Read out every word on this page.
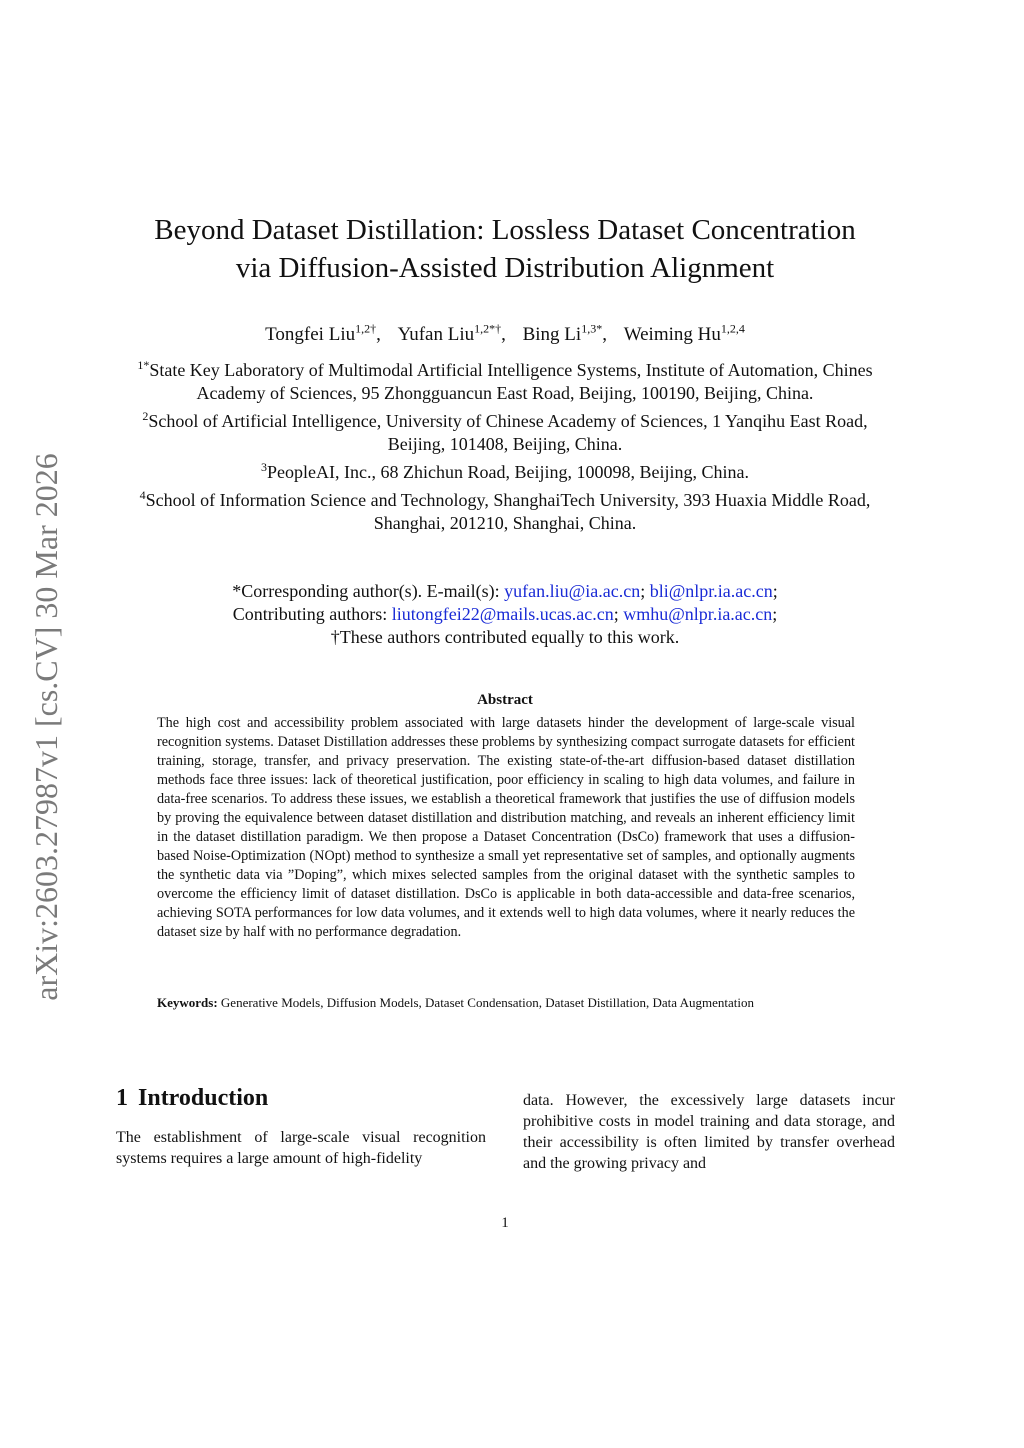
arXiv:2603.27987v1 [cs.CV] 30 Mar 2026
Beyond Dataset Distillation: Lossless Dataset Concentration
via Diffusion-Assisted Distribution Alignment
Tongfei Liu$^{1,2\dagger}$, Yufan Liu$^{1,2*\dagger}$, Bing $Li^{1,3*}$, Weiming Hu$^{1,2,4}$

$^{1*}$State Key Laboratory of Multimodal Artificial Intelligence Systems, Institute of Automation, Chines Academy of Sciences, 95 Zhongguancun East Road, Beijing, 100190, Beijing, China.

$^2$School of Artificial Intelligence, University of Chinese Academy of Sciences, 1 Yanqihu East Road, Beijing, 101408, Beijing, China.

$^3$PeopleAI, Inc., 68 Zhichun Road, Beijing, 100098, Beijing, China.

$^4$School of Information Science and Technology, ShanghaiTech University, 393 Huaxia Middle Road, Shanghai, 201210, Shanghai, China.

*Corresponding author(s). E-mail(s): yufan.liu@ia.ac.cn; bli@nlpr.ia.ac.cn;

Contributing authors: liutongfei22@mails.ucas.ac.cn; wmhu@nlpr.ia.ac.cn;

†These authors contributed equally to this work.

Abstract
The high cost and accessibility problem associated with large datasets hinder the development of large-scale visual recognition systems. Dataset Distillation addresses these problems by synthesizing compact surrogate datasets for efficient training, storage, transfer, and privacy preservation. The existing state-of-the-art diffusion-based dataset distillation methods face three issues: lack of theoretical justification, poor efficiency in scaling to high data volumes, and failure in data-free scenarios. To address these issues, we establish a theoretical framework that justifies the use of diffusion models by proving the equivalence between dataset distillation and distribution matching, and reveals an inherent efficiency limit in the dataset distillation paradigm. We then propose a Dataset Concentration (DsCo) framework that uses a diffusion-based Noise-Optimization (NOpt) method to synthesize a small yet representative set of samples, and optionally augments the synthetic data via ”Doping”, which mixes selected samples from the original dataset with the synthetic samples to overcome the efficiency limit of dataset distillation. DsCo is applicable in both data-accessible and data-free scenarios, achieving SOTA performances for low data volumes, and it extends well to high data volumes, where it nearly reduces the dataset size by half with no performance degradation.
Keywords: Generative Models, Diffusion Models, Dataset Condensation, Dataset Distillation, Data Augmentation
1 Introduction
The establishment of large-scale visual recognition systems requires a large amount of high-fidelity
data. However, the excessively large datasets incur prohibitive costs in model training and data storage, and their accessibility is often limited by transfer overhead and the growing privacy and
1
